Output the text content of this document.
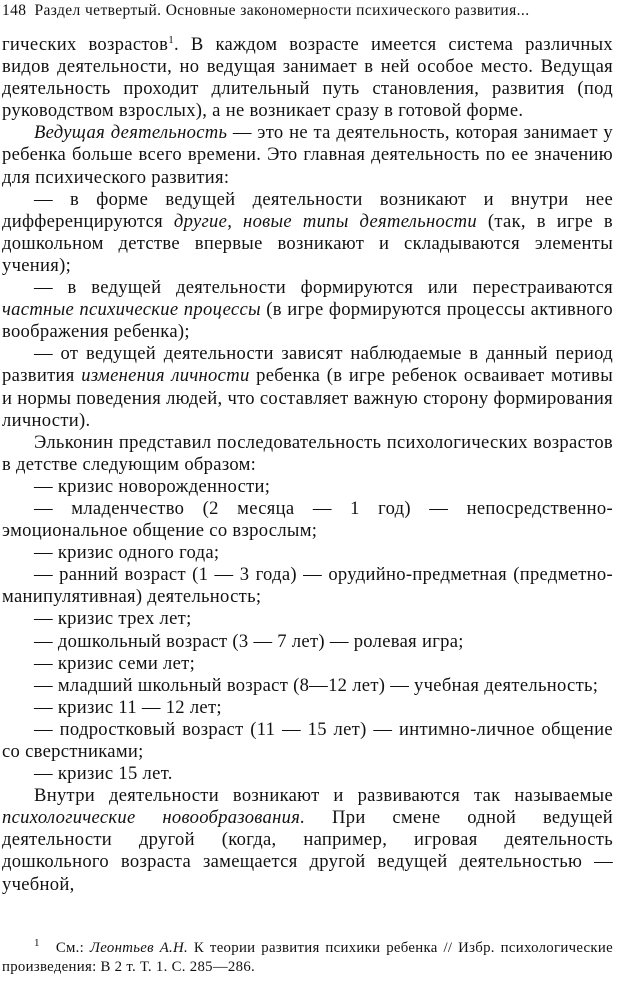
148 Раздел четвертый. Основные закономерности психического развития...

гических возрастов$^1$. В каждом возрасте имеется система различных видов деятельности, но ведущая занимает в ней особое место. Ведущая деятельность проходит длительный путь становления, развития (под руководством взрослых), а не возникает сразу в готовой форме.

Ведущая деятельность — это не та деятельность, которая занимает у ребенка больше всего времени. Это главная деятельность по ее значению для психического развития:

— в форме ведущей деятельности возникают и внутри нее дифференцируются другие, новые типы деятельности (так, в игре в дошкольном детстве впервые возникают и складываются элементы учения);

— в ведущей деятельности формируются или перестраиваются частные психические процессы (в игре формируются процессы активного воображения ребенка);

— от ведущей деятельности зависят наблюдаемые в данный период развития изменения личности ребенка (в игре ребенок осваивает мотивы и нормы поведения людей, что составляет важную сторону формирования личности).

Эльконин представил последовательность психологических возрастов в детстве следующим образом:

— кризис новорожденности;

— младенчество (2 месяца — 1 год) — непосредственно-эмоциональное общение со взрослым;

— кризис одного года;

— ранний возраст (1 — 3 года) — орудийно-предметная (предметно-манипулятивная) деятельность;

— кризис трех лет;

— дошкольный возраст (3 — 7 лет) — ролевая игра;

— кризис семи лет;

— младший школьный возраст (8—12 лет) — учебная деятельность;

— кризис 11 — 12 лет;

— подростковый возраст (11 — 15 лет) — интимно-личное общение со сверстниками;

— кризис 15 лет.

Внутри деятельности возникают и развиваются так называемые психологические новообразования. При смене одной ведущей деятельности другой (когда, например, игровая деятельность дошкольного возраста замещается другой ведущей деятельностью — учебной,

$^1$ См.: Леонтьев А.Н. К теории развития психики ребенка // Избр. психологические произведения: В 2 т. Т. 1. С. 285—286.
